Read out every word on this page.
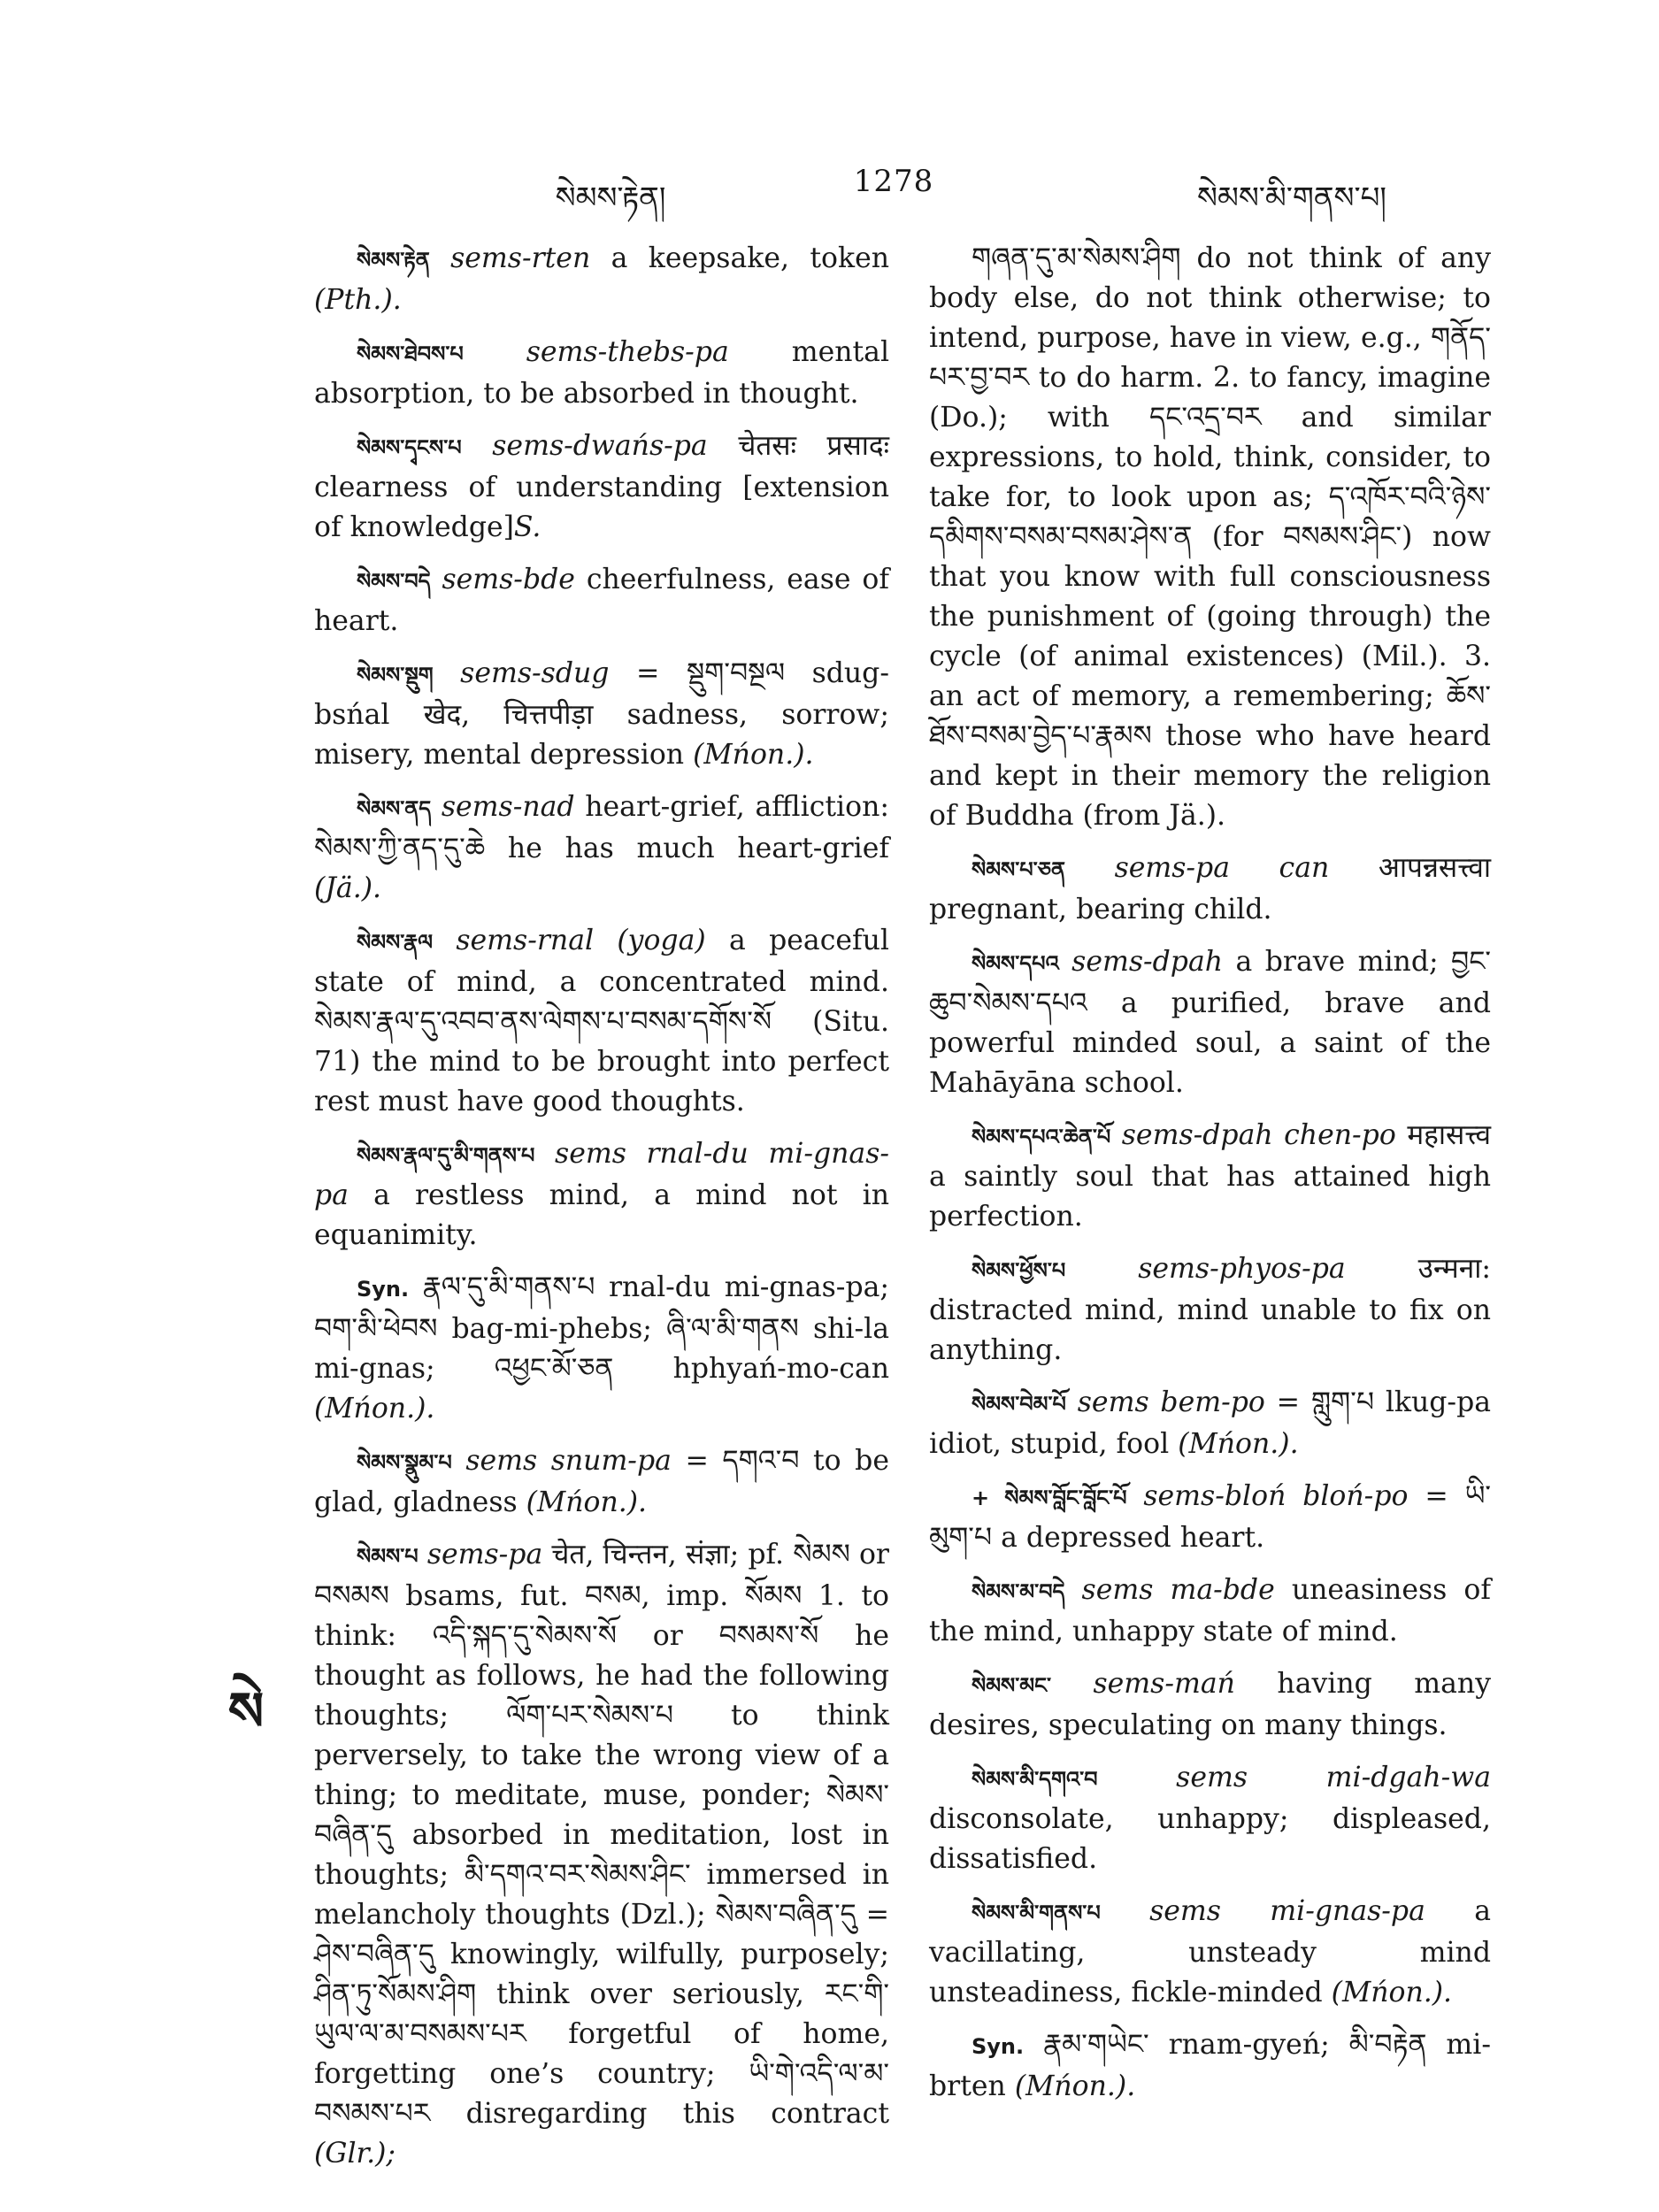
སེམས་རྟེན།	1278	སེམས་མི་གནས་པ།

སེམས་རྟེན sems-rten a keepsake, token (Pth.).

སེམས་ཐེབས་པ sems-thebs-pa mental absorption, to be absorbed in thought.

སེམས་དྭངས་པ sems-dwańs-pa चेतसः प्रसादः clearness of understanding [extension of knowledge]S.

སེམས་བདེ sems-bde cheerfulness, ease of heart.

སེམས་སྡུག sems-sdug = སྡུག་བསྔལ sdug-bsńal खेद, चित्तपीड़ा sadness, sorrow; misery, mental depression (Mńon.).

སེམས་ནད sems-nad heart-grief, affliction: སེམས་ཀྱི་ནད་དུ་ཆེ he has much heart-grief (Jä.).

སེམས་རྣལ sems-rnal (yoga) a peaceful state of mind, a concentrated mind. སེམས་རྣལ་དུ་འབབ་ནས་ལེགས་པ་བསམ་དགོས་སོ (Situ. 71) the mind to be brought into perfect rest must have good thoughts.

སེམས་རྣལ་དུ་མི་གནས་པ sems rnal-du mi-gnas-pa a restless mind, a mind not in equanimity.

Syn. རྣལ་དུ་མི་གནས་པ rnal-du mi-gnas-pa; བག་མི་ཕེབས bag-mi-phebs; ཞི་ལ་མི་གནས shi-la mi-gnas; འཕྱང་མོ་ཅན hphyań-mo-can (Mńon.).

སེམས་སྣུམ་པ sems snum-pa = དགའ་བ to be glad, gladness (Mńon.).

སེམས་པ sems-pa चेत, चिन्तन, संज्ञा; pf. སེམས or བསམས bsams, fut. བསམ, imp. སོམས 1. to think: འདི་སྐད་དུ་སེམས་སོ or བསམས་སོ he thought as follows, he had the following thoughts; ལོག་པར་སེམས་པ to think perversely, to take the wrong view of a thing; to meditate, muse, ponder; སེམས་བཞིན་དུ absorbed in meditation, lost in thoughts; མི་དགའ་བར་སེམས་ཤིང་ immersed in melancholy thoughts (Dzl.); སེམས་བཞིན་དུ = ཤེས་བཞིན་དུ knowingly, wilfully, purposely; ཤིན་ཏུ་སོམས་ཤིག think over seriously, རང་གི་ཡུལ་ལ་མ་བསམས་པར forgetful of home, forgetting one’s country; ཡི་གེ་འདི་ལ་མ་བསམས་པར disregarding this contract (Glr.);

གཞན་དུ་མ་སེམས་ཤིག do not think of any body else, do not think otherwise; to intend, purpose, have in view, e.g., གནོད་པར་བྱ་བར to do harm. 2. to fancy, imagine (Do.); with དང་འདྲ་བར and similar expressions, to hold, think, consider, to take for, to look upon as; ད་འཁོར་བའི་ཉེས་དམིགས་བསམ་བསམ་ཤེས་ན (for བསམས་ཤིང་) now that you know with full consciousness the punishment of (going through) the cycle (of animal existences) (Mil.). 3. an act of memory, a remembering; ཆོས་ཐོས་བསམ་བྱེད་པ་རྣམས those who have heard and kept in their memory the religion of Buddha (from Jä.).

སེམས་པ་ཅན sems-pa can आपन्नसत्त्वा pregnant, bearing child.

སེམས་དཔའ sems-dpah a brave mind; བྱང་ཆུབ་སེམས་དཔའ a purified, brave and powerful minded soul, a saint of the Mahāyāna school.

སེམས་དཔའ་ཆེན་པོ sems-dpah chen-po महासत्त्व a saintly soul that has attained high perfection.

སེམས་ཕྱོས་པ	sems-phyos-pa	उन्मना: distracted mind, mind unable to fix on anything.

སེམས་བེམ་པོ sems bem-po = གླུག་པ lkug-pa idiot, stupid, fool (Mńon.).

+ སེམས་བློང་བློང་པོ sems-bloń bloń-po = ཡི་མུག་པ a depressed heart.

སེམས་མ་བདེ sems ma-bde uneasiness of the mind, unhappy state of mind.

སེམས་མང་ sems-mań having many desires, speculating on many things.

སེམས་མི་དགའ་བ	sems mi-dgah-wa disconsolate, unhappy; displeased, dissatisfied.

སེམས་མི་གནས་པ sems mi-gnas-pa a vacillating, unsteady mind unsteadiness, fickle-minded (Mńon.).

Syn. རྣམ་གཡེང་ rnam-gyeń; མི་བརྟེན mi-brten (Mńon.).

སེ
